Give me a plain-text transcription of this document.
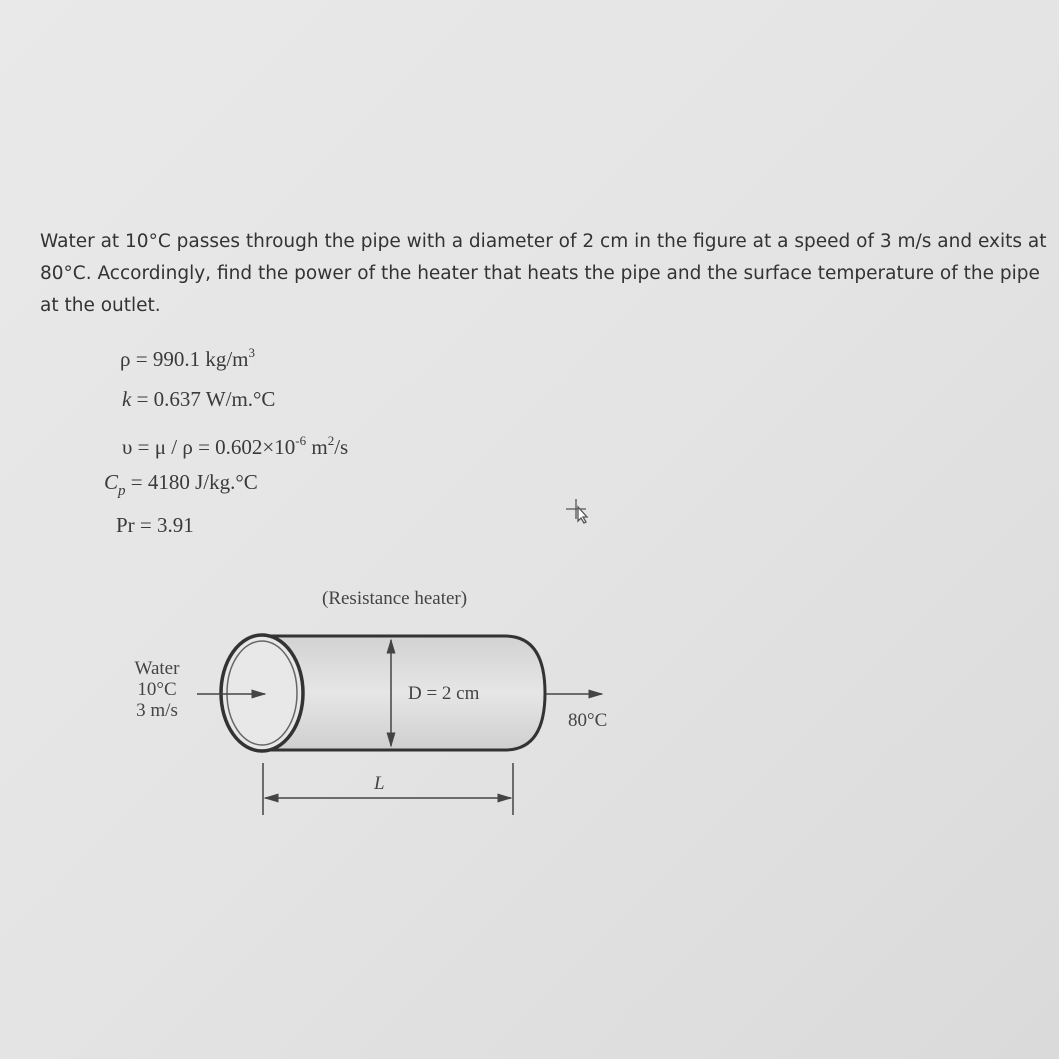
Water at 10°C passes through the pipe with a diameter of 2 cm in the figure at a speed of 3 m/s and exits at 80°C. Accordingly, find the power of the heater that heats the pipe and the surface temperature of the pipe at the outlet.
ρ = 990.1 $kg/m^3$
k = 0.637 W/m.°C
$\upsilon = \mu / \rho = 0.602\times 10^{-6}$ $m^2/s$
$C_p = 4180$ J/kg.°C
Pr = 3.91
(Resistance heater)
Water
10°C
3 m/s
D = 2 cm
80°C
L
